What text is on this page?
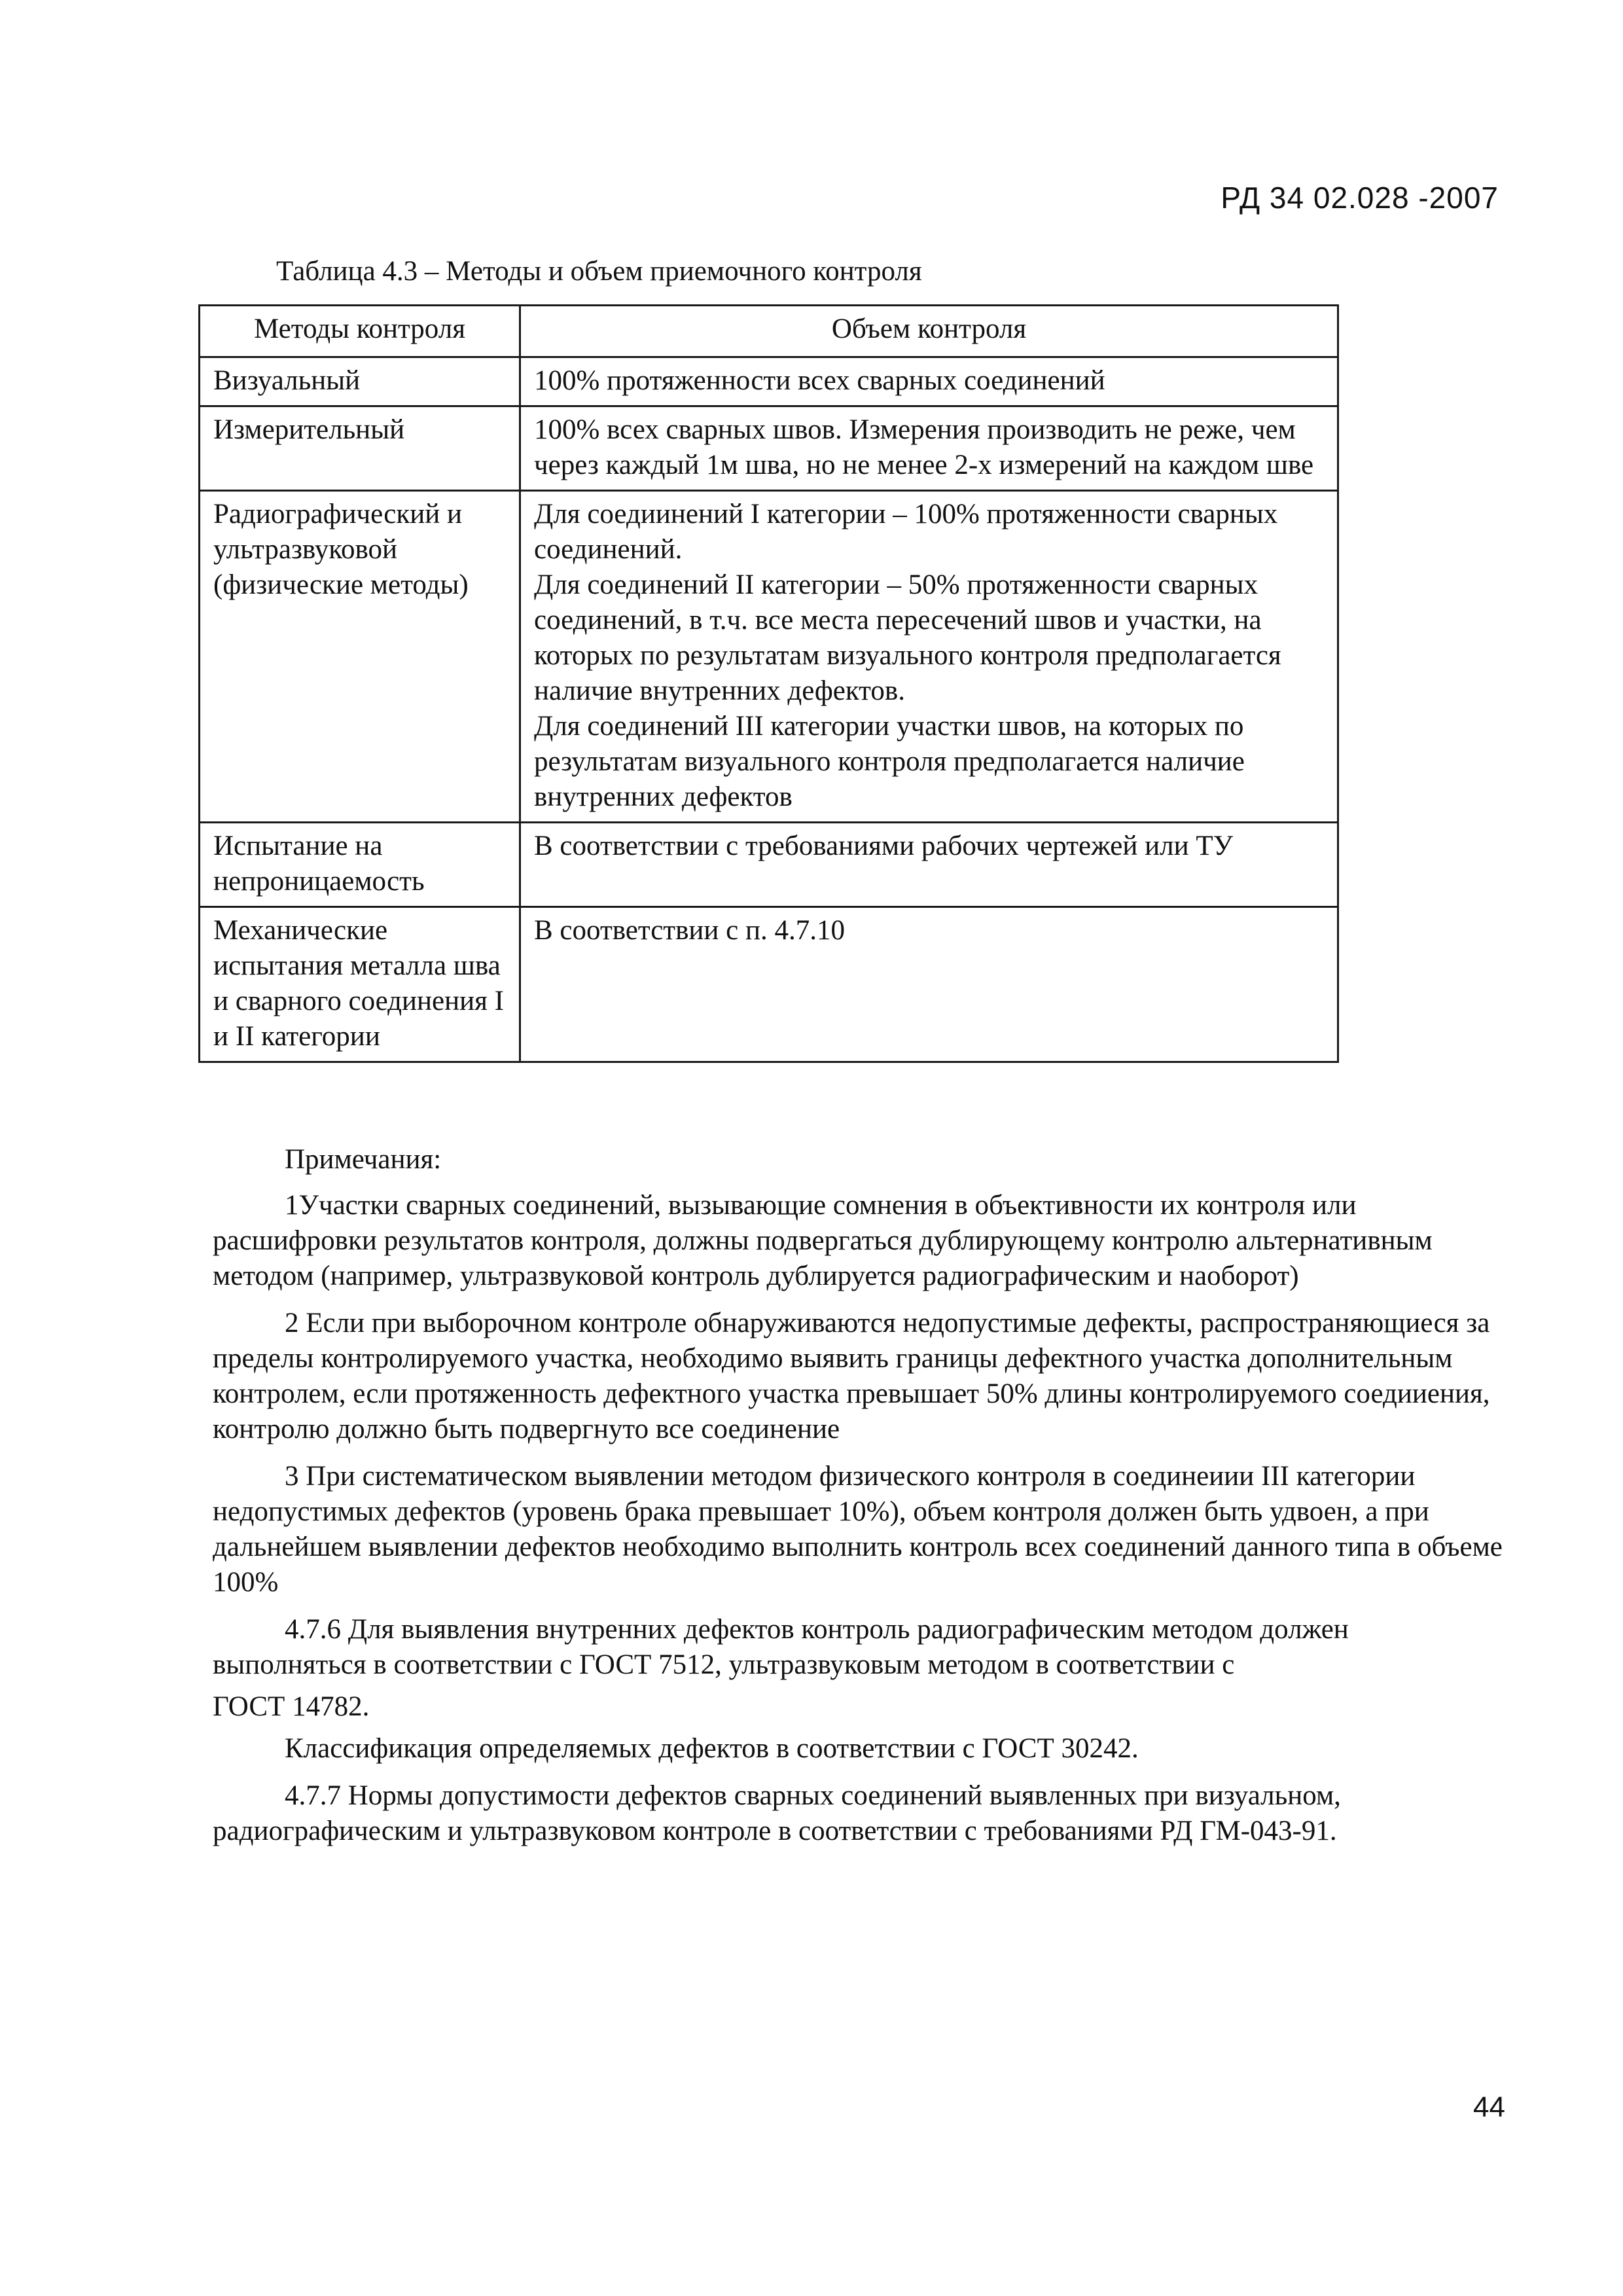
РД 34 02.028 -2007
Таблица 4.3 – Методы и объем приемочного контроля
Методы контроля	Объем контроля
Визуальный	100% протяженности всех сварных соединений
Измерительный	100% всех сварных швов. Измерения производить не реже, чем через каждый 1м шва, но не менее 2-х измерений на каждом шве
Радиографический и ультразвуковой (физические методы)	Для соедиинений I категории – 100% протяженности сварных соединений.
Для соединений II категории – 50% протяженности сварных соединений, в т.ч. все места пересечений швов и участки, на которых по результатам визуального контроля предполагается наличие внутренних дефектов.
Для соединений III категории участки швов, на которых по результатам визуального контроля предполагается наличие внутренних дефектов

Испытание на непроницаемость	В соответствии с требованиями рабочих чертежей или ТУ
Механические испытания металла шва и сварного соединения I и II категории	В соответствии с п. 4.7.10

Примечания:

1Участки сварных соединений, вызывающие сомнения в объективности их контроля или расшифровки результатов контроля, должны подвергаться дублирующему контролю альтернативным методом (например, ультразвуковой контроль дублируется радиографическим и наоборот)

2 Если при выборочном контроле обнаруживаются недопустимые дефекты, распространяющиеся за пределы контролируемого участка, необходимо выявить границы дефектного участка дополнительным контролем, если протяженность дефектного участка превышает 50% длины контролируемого соедииения, контролю должно быть подвергнуто все соединение

3 При систематическом выявлении методом физического контроля в соединеиии III категории недопустимых дефектов (уровень брака превышает 10%), объем контроля должен быть удвоен, а при дальнейшем выявлении дефектов необходимо выполнить контроль всех соединений данного типа в объеме 100%

4.7.6 Для выявления внутренних дефектов контроль радиографическим методом должен выполняться в соответствии с ГОСТ 7512, ультразвуковым методом в соответствии с

ГОСТ 14782.

Классификация определяемых дефектов в соответствии с ГОСТ 30242.

4.7.7 Нормы допустимости дефектов сварных соединений выявленных при визуальном, радиографическим и ультразвуковом контроле в соответствии с требованиями РД ГМ-043-91.

44
